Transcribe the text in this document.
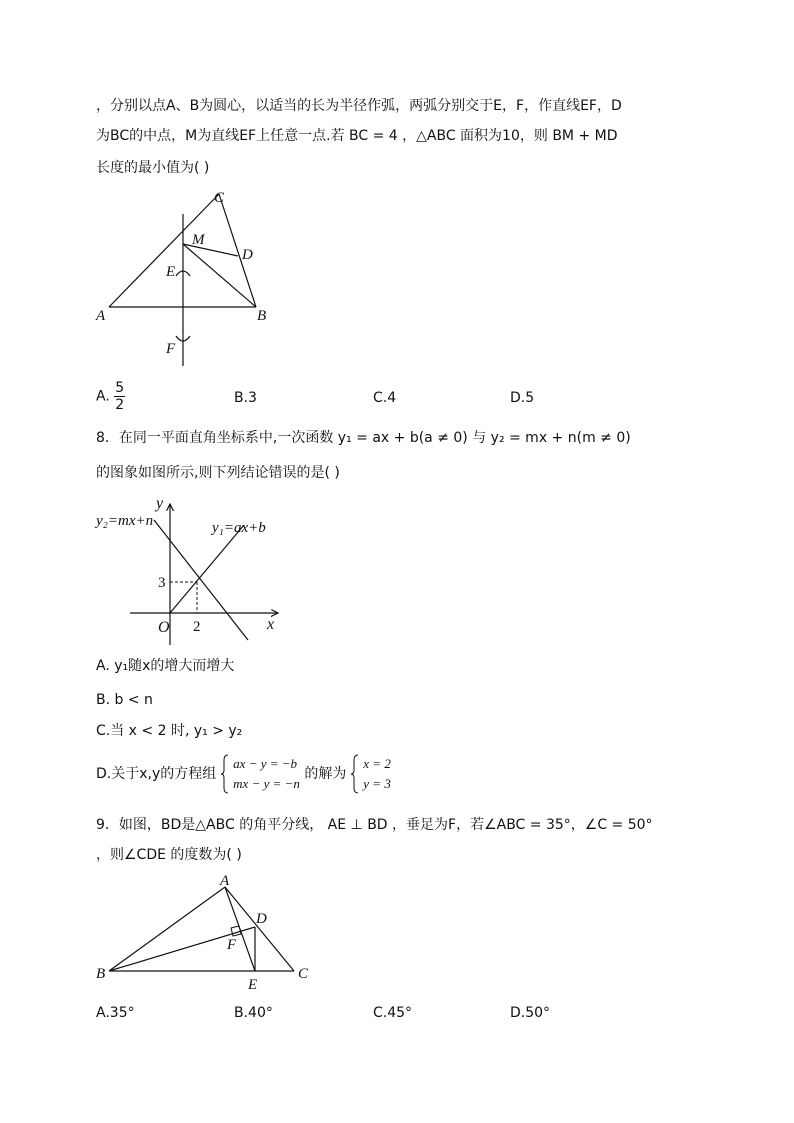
，分别以点A、B为圆心，以适当的长为半径作弧，两弧分别交于E，F，作直线EF，D
为BC的中点，M为直线EF上任意一点.若 BC = 4 ，△ABC 面积为10，则 BM + MD
长度的最小值为( )
C
M
D
E
A	B
F
A. $\frac{5}{2}$	B.3	C.4	D.5
8．在同一平面直角坐标系中,一次函数 y₁ = ax + b(a ≠ 0) 与 y₂ = mx + n(m ≠ 0)
的图象如图所示,则下列结论错误的是( )
y
x
O
y₂=mx+n	y₁=ax+b
3
2
A. y₁随x的增大而增大
B. b < n
C.当 x < 2 时, y₁ > y₂
D.关于x,y的方程组
ax − y = −b
mx − y = −n
的解为
x = 2
y = 3
9．如图，BD是△ABC 的角平分线， AE ⊥ BD ，垂足为F，若∠ABC = 35°，∠C = 50°
，则∠CDE 的度数为( )
A
D
F
B
E
C
A.35°	B.40°	C.45°	D.50°
